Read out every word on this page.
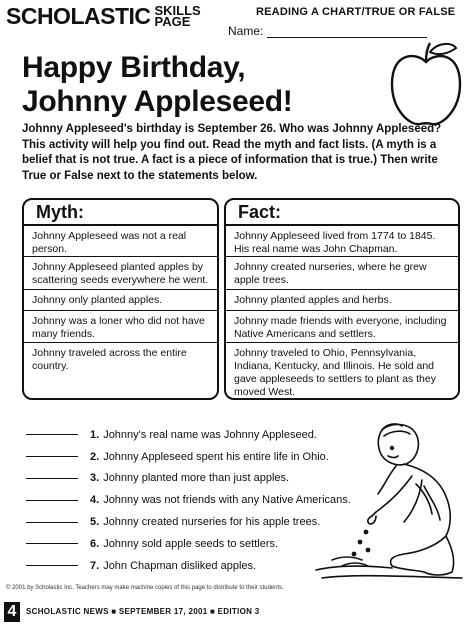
SCHOLASTIC SKILLS
PAGE
READING A CHART/TRUE OR FALSE
Name:
Happy Birthday,
Johnny Appleseed!
Johnny Appleseed's birthday is September 26. Who was Johnny Appleseed? This activity will help you find out. Read the myth and fact lists. (A myth is a belief that is not true. A fact is a piece of information that is true.) Then write True or False next to the statements below.
Myth:
Johnny Appleseed was not a real person.
Johnny Appleseed planted apples by scattering seeds everywhere he went.
Johnny only planted apples.
Johnny was a loner who did not have many friends.
Johnny traveled across the entire country.
Fact:
Johnny Appleseed lived from 1774 to 1845. His real name was John Chapman.
Johnny created nurseries, where he grew apple trees.
Johnny planted apples and herbs.
Johnny made friends with everyone, including Native Americans and settlers.
Johnny traveled to Ohio, Pennsylvania, Indiana, Kentucky, and Illinois. He sold and gave appleseeds to settlers to plant as they moved West.
1. Johnny's real name was Johnny Appleseed.
2. Johnny Appleseed spent his entire life in Ohio.
3. Johnny planted more than just apples.
4. Johnny was not friends with any Native Americans.
5. Johnny created nurseries for his apple trees.
6. Johnny sold apple seeds to settlers.
7. John Chapman disliked apples.
© 2001 by Scholastic Inc. Teachers may make machine copies of this page to distribute to their students.
4	SCHOLASTIC NEWS ■ SEPTEMBER 17, 2001 ■ EDITION 3
